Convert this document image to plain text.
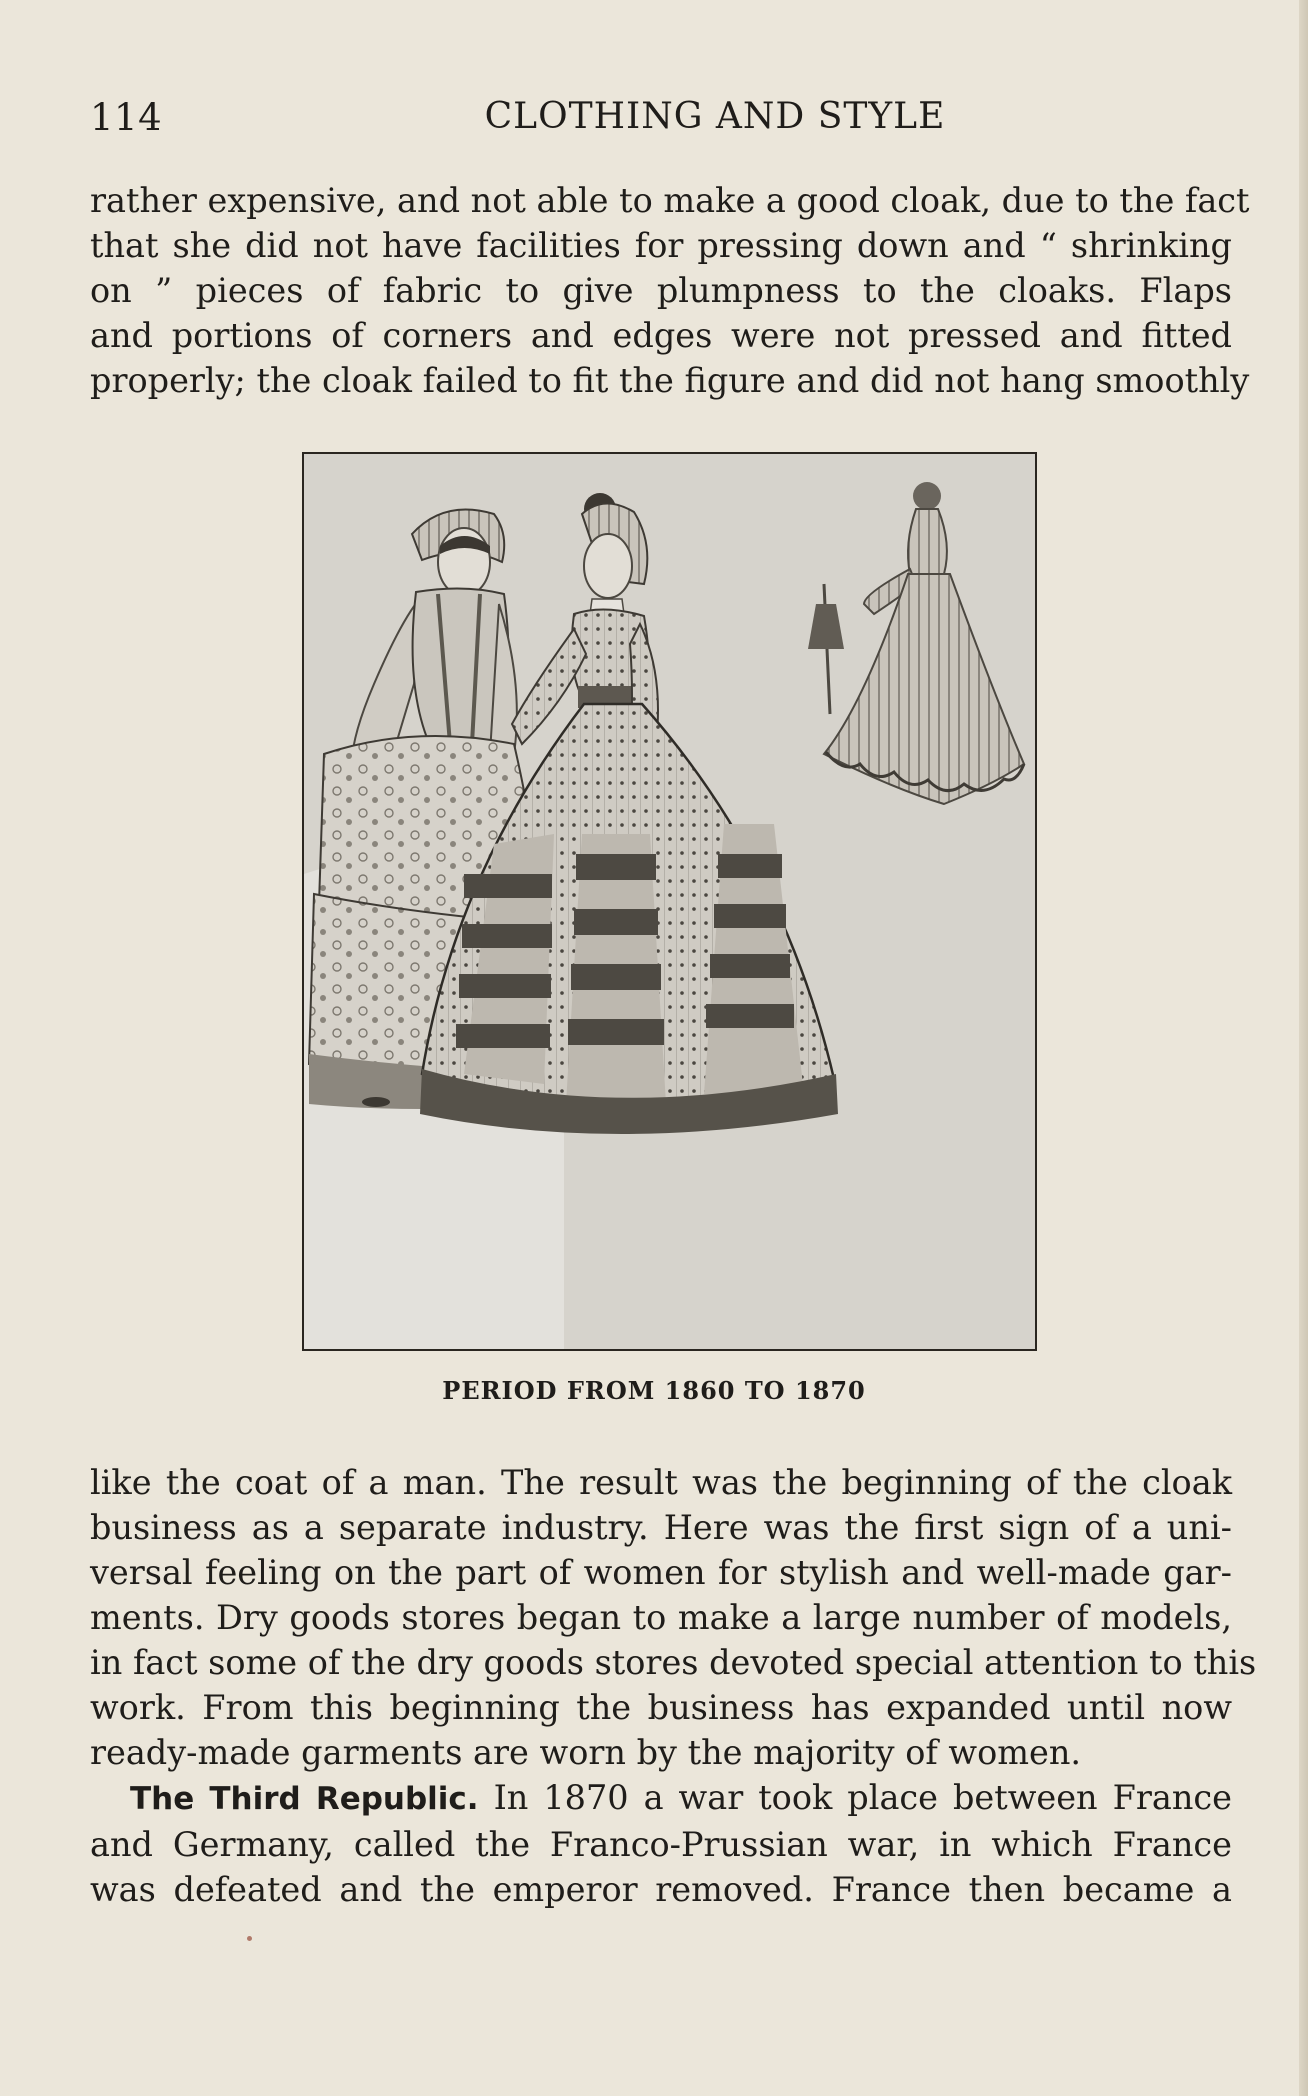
114	CLOTHING AND STYLE

rather expensive, and not able to make a good cloak, due to the fact
that she did not have facilities for pressing down and “ shrinking
on ” pieces of fabric to give plumpness to the cloaks. Flaps
and portions of corners and edges were not pressed and fitted
properly; the cloak failed to fit the figure and did not hang smoothly

PERIOD FROM 1860 TO 1870

like the coat of a man. The result was the beginning of the cloak
business as a separate industry. Here was the first sign of a uni-
versal feeling on the part of women for stylish and well-made gar-
ments. Dry goods stores began to make a large number of models,
in fact some of the dry goods stores devoted special attention to this
work. From this beginning the business has expanded until now
ready-made garments are worn by the majority of women.

The Third Republic. In 1870 a war took place between France
and Germany, called the Franco-Prussian war, in which France
was defeated and the emperor removed. France then became a
